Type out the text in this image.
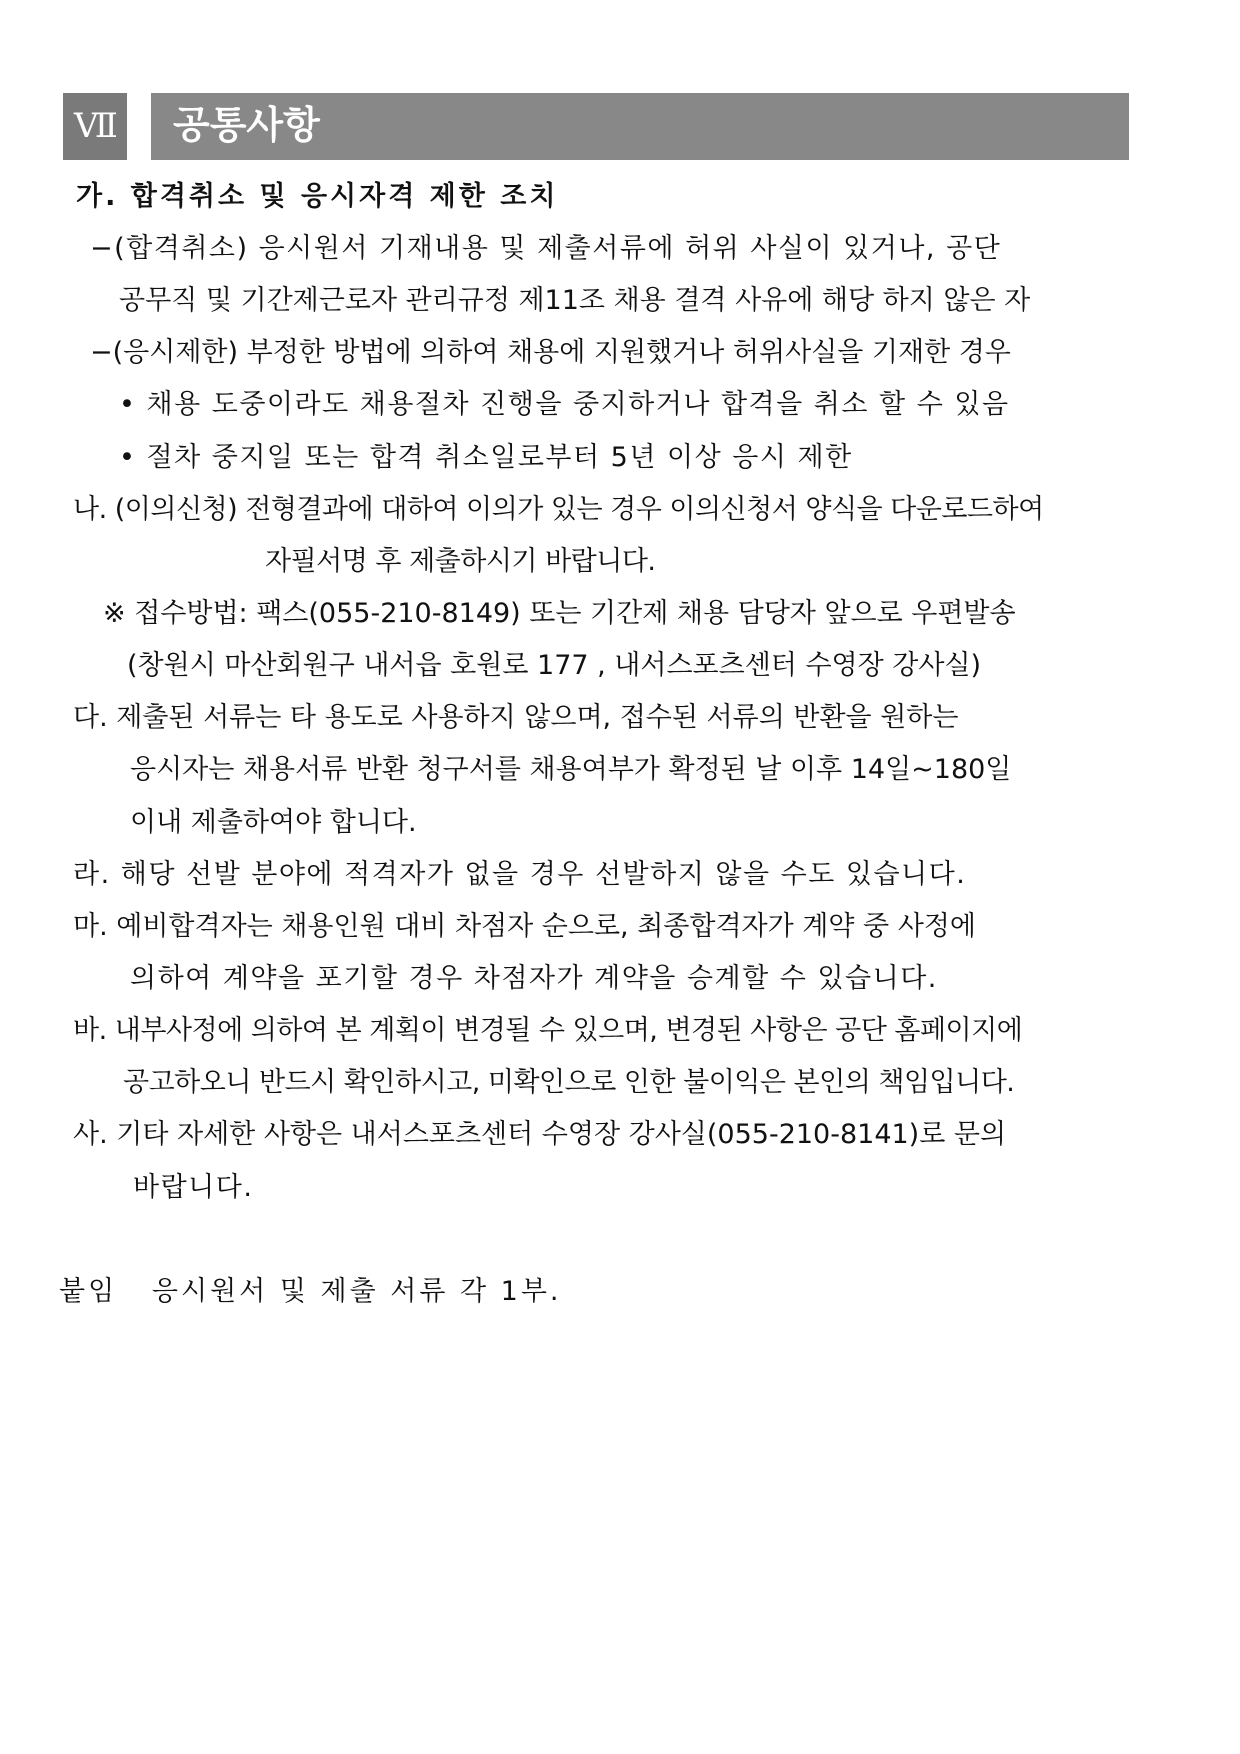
Ⅶ	공통사항
가. 합격취소 및 응시자격 제한 조치
−(합격취소) 응시원서 기재내용 및 제출서류에 허위 사실이 있거나, 공단
공무직 및 기간제근로자 관리규정 제11조 채용 결격 사유에 해당 하지 않은 자
−(응시제한) 부정한 방법에 의하여 채용에 지원했거나 허위사실을 기재한 경우
• 채용 도중이라도 채용절차 진행을 중지하거나 합격을 취소 할 수 있음
• 절차 중지일 또는 합격 취소일로부터 5년 이상 응시 제한
나. (이의신청) 전형결과에 대하여 이의가 있는 경우 이의신청서 양식을 다운로드하여
자필서명 후 제출하시기 바랍니다.
※ 접수방법: 팩스(055-210-8149) 또는 기간제 채용 담당자 앞으로 우편발송
(창원시 마산회원구 내서읍 호원로 177 , 내서스포츠센터 수영장 강사실)
다. 제출된 서류는 타 용도로 사용하지 않으며, 접수된 서류의 반환을 원하는
응시자는 채용서류 반환 청구서를 채용여부가 확정된 날 이후 14일~180일
이내 제출하여야 합니다.
라. 해당 선발 분야에 적격자가 없을 경우 선발하지 않을 수도 있습니다.
마. 예비합격자는 채용인원 대비 차점자 순으로, 최종합격자가 계약 중 사정에
의하여 계약을 포기할 경우 차점자가 계약을 승계할 수 있습니다.
바. 내부사정에 의하여 본 계획이 변경될 수 있으며, 변경된 사항은 공단 홈페이지에
공고하오니 반드시 확인하시고, 미확인으로 인한 불이익은 본인의 책임입니다.
사. 기타 자세한 사항은 내서스포츠센터 수영장 강사실(055-210-8141)로 문의
바랍니다.
붙임   응시원서 및 제출 서류 각 1부.
